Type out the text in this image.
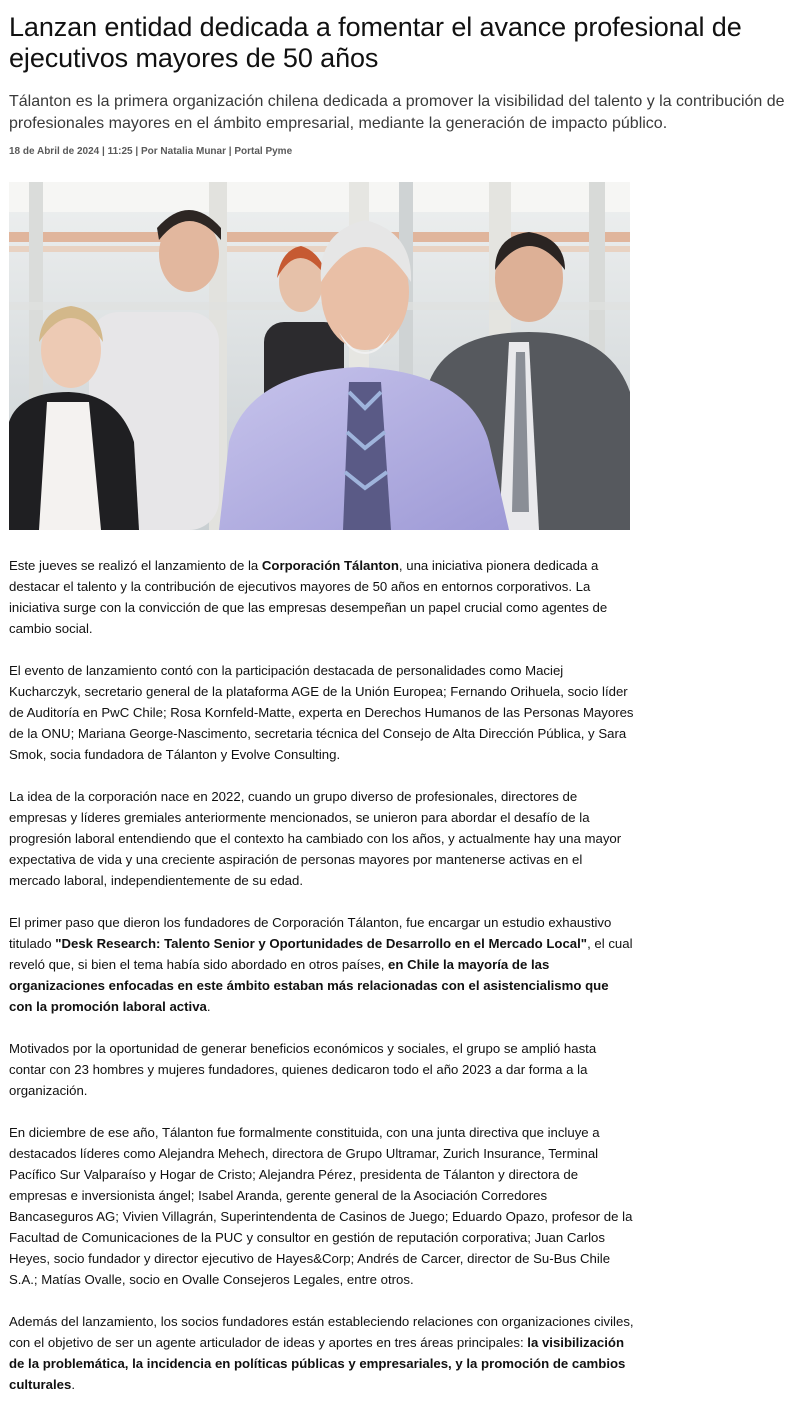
Lanzan entidad dedicada a fomentar el avance profesional de ejecutivos mayores de 50 años

Tálanton es la primera organización chilena dedicada a promover la visibilidad del talento y la contribución de profesionales mayores en el ámbito empresarial, mediante la generación de impacto público.

18 de Abril de 2024 | 11:25 | Por Natalia Munar | Portal Pyme

Este jueves se realizó el lanzamiento de la Corporación Tálanton, una iniciativa pionera dedicada a destacar el talento y la contribución de ejecutivos mayores de 50 años en entornos corporativos. La iniciativa surge con la convicción de que las empresas desempeñan un papel crucial como agentes de cambio social.

El evento de lanzamiento contó con la participación destacada de personalidades como Maciej Kucharczyk, secretario general de la plataforma AGE de la Unión Europea; Fernando Orihuela, socio líder de Auditoría en PwC Chile; Rosa Kornfeld-Matte, experta en Derechos Humanos de las Personas Mayores de la ONU; Mariana George-Nascimento, secretaria técnica del Consejo de Alta Dirección Pública, y Sara Smok, socia fundadora de Tálanton y Evolve Consulting.

La idea de la corporación nace en 2022, cuando un grupo diverso de profesionales, directores de empresas y líderes gremiales anteriormente mencionados, se unieron para abordar el desafío de la progresión laboral entendiendo que el contexto ha cambiado con los años, y actualmente hay una mayor expectativa de vida y una creciente aspiración de personas mayores por mantenerse activas en el mercado laboral, independientemente de su edad.

El primer paso que dieron los fundadores de Corporación Tálanton, fue encargar un estudio exhaustivo titulado "Desk Research: Talento Senior y Oportunidades de Desarrollo en el Mercado Local", el cual reveló que, si bien el tema había sido abordado en otros países, en Chile la mayoría de las organizaciones enfocadas en este ámbito estaban más relacionadas con el asistencialismo que con la promoción laboral activa.

Motivados por la oportunidad de generar beneficios económicos y sociales, el grupo se amplió hasta contar con 23 hombres y mujeres fundadores, quienes dedicaron todo el año 2023 a dar forma a la organización.

En diciembre de ese año, Tálanton fue formalmente constituida, con una junta directiva que incluye a destacados líderes como Alejandra Mehech, directora de Grupo Ultramar, Zurich Insurance, Terminal Pacífico Sur Valparaíso y Hogar de Cristo; Alejandra Pérez, presidenta de Tálanton y directora de empresas e inversionista ángel; Isabel Aranda, gerente general de la Asociación Corredores Bancaseguros AG; Vivien Villagrán, Superintendenta de Casinos de Juego; Eduardo Opazo, profesor de la Facultad de Comunicaciones de la PUC y consultor en gestión de reputación corporativa; Juan Carlos Heyes, socio fundador y director ejecutivo de Hayes&Corp; Andrés de Carcer, director de Su-Bus Chile S.A.; Matías Ovalle, socio en Ovalle Consejeros Legales, entre otros.

Además del lanzamiento, los socios fundadores están estableciendo relaciones con organizaciones civiles, con el objetivo de ser un agente articulador de ideas y aportes en tres áreas principales: la visibilización de la problemática, la incidencia en políticas públicas y empresariales, y la promoción de cambios culturales.
